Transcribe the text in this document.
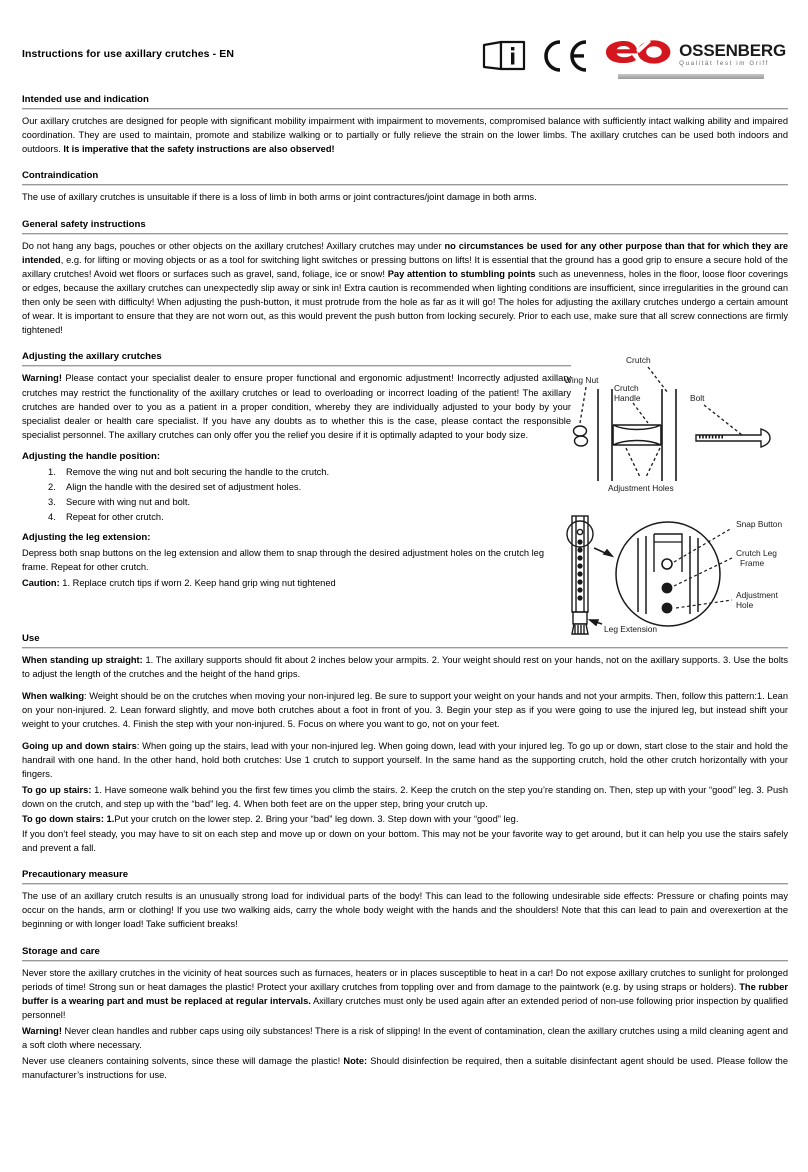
Instructions for use axillary crutches - EN	OSSENBERG
Qualität fest im Griff
Intended use and indication

Our axillary crutches are designed for people with significant mobility impairment with impairment to movements, compromised balance with sufficiently intact walking ability and impaired coordination. They are used to maintain, promote and stabilize walking or to partially or fully relieve the strain on the lower limbs. The axillary crutches can be used both indoors and outdoors. It is imperative that the safety instructions are also observed!

Contraindication

The use of axillary crutches is unsuitable if there is a loss of limb in both arms or joint contractures/joint damage in both arms.

General safety instructions

Do not hang any bags, pouches or other objects on the axillary crutches! Axillary crutches may under no circumstances be used for any other purpose than that for which they are intended, e.g. for lifting or moving objects or as a tool for switching light switches or pressing buttons on lifts! It is essential that the ground has a good grip to ensure a secure hold of the axillary crutches! Avoid wet floors or surfaces such as gravel, sand, foliage, ice or snow! Pay attention to stumbling points such as unevenness, holes in the floor, loose floor coverings or edges, because the axillary crutches can unexpectedly slip away or sink in! Extra caution is recommended when lighting conditions are insufficient, since irregularities in the ground can then only be seen with difficulty! When adjusting the push-button, it must protrude from the hole as far as it will go! The holes for adjusting the axillary crutches undergo a certain amount of wear. It is important to ensure that they are not worn out, as this would prevent the push button from locking securely. Prior to each use, make sure that all screw connections are firmly tightened!

Adjusting the axillary crutches

Warning! Please contact your specialist dealer to ensure proper functional and ergonomic adjustment! Incorrectly adjusted axillary crutches may restrict the functionality of the axillary crutches or lead to overloading or incorrect loading of the patient! The axillary crutches are handed over to you as a patient in a proper condition, whereby they are individually adjusted to your body by your specialist dealer or health care specialist. If you have any doubts as to whether this is the case, please contact the responsible specialist personnel. The axillary crutches can only offer you the relief you desire if it is optimally adapted to your body size.

Adjusting the handle position:
1.	Remove the wing nut and bolt securing the handle to the crutch.
2.	Align the handle with the desired set of adjustment holes.
3.	Secure with wing nut and bolt.
4.	Repeat for other crutch.
Adjusting the leg extension:

Depress both snap buttons on the leg extension and allow them to snap through the desired adjustment holes on the crutch leg frame. Repeat for other crutch.

Caution: 1. Replace crutch tips if worn 2. Keep hand grip wing nut tightened

Wing Nut
Crutch
Crutch
Handle	Bolt
Adjustment Holes
Snap Button
Crutch Leg
Frame
Adjustment
Hole
Leg Extension
Use

When standing up straight: 1. The axillary supports should fit about 2 inches below your armpits. 2. Your weight should rest on your hands, not on the axillary supports. 3. Use the bolts to adjust the length of the crutches and the height of the hand grips.

When walking: Weight should be on the crutches when moving your non-injured leg. Be sure to support your weight on your hands and not your armpits. Then, follow this pattern:1. Lean on your non-injured. 2. Lean forward slightly, and move both crutches about a foot in front of you. 3. Begin your step as if you were going to use the injured leg, but instead shift your weight to your crutches. 4. Finish the step with your non-injured. 5. Focus on where you want to go, not on your feet.

Going up and down stairs: When going up the stairs, lead with your non-injured leg. When going down, lead with your injured leg. To go up or down, start close to the stair and hold the handrail with one hand. In the other hand, hold both crutches: Use 1 crutch to support yourself. In the same hand as the supporting crutch, hold the other crutch horizontally with your fingers.

To go up stairs: 1. Have someone walk behind you the first few times you climb the stairs. 2. Keep the crutch on the step you’re standing on. Then, step up with your “good” leg. 3. Push down on the crutch, and step up with the “bad” leg. 4. When both feet are on the upper step, bring your crutch up.

To go down stairs: 1.Put your crutch on the lower step. 2. Bring your “bad” leg down. 3. Step down with your “good” leg.

If you don’t feel steady, you may have to sit on each step and move up or down on your bottom. This may not be your favorite way to get around, but it can help you use the stairs safely and prevent a fall.

Precautionary measure

The use of an axillary crutch results is an unusually strong load for individual parts of the body! This can lead to the following undesirable side effects: Pressure or chafing points may occur on the hands, arm or clothing! If you use two walking aids, carry the whole body weight with the hands and the shoulders! Note that this can lead to pain and overexertion at the beginning or with longer load! Take sufficient breaks!

Storage and care

Never store the axillary crutches in the vicinity of heat sources such as furnaces, heaters or in places susceptible to heat in a car! Do not expose axillary crutches to sunlight for prolonged periods of time! Strong sun or heat damages the plastic! Protect your axillary crutches from toppling over and from damage to the paintwork (e.g. by using straps or holders). The rubber buffer is a wearing part and must be replaced at regular intervals. Axillary crutches must only be used again after an extended period of non-use following prior inspection by qualified personnel!

Warning! Never clean handles and rubber caps using oily substances! There is a risk of slipping! In the event of contamination, clean the axillary crutches using a mild cleaning agent and a soft cloth where necessary.

Never use cleaners containing solvents, since these will damage the plastic! Note: Should disinfection be required, then a suitable disinfectant agent should be used. Please follow the manufacturer’s instructions for use.
